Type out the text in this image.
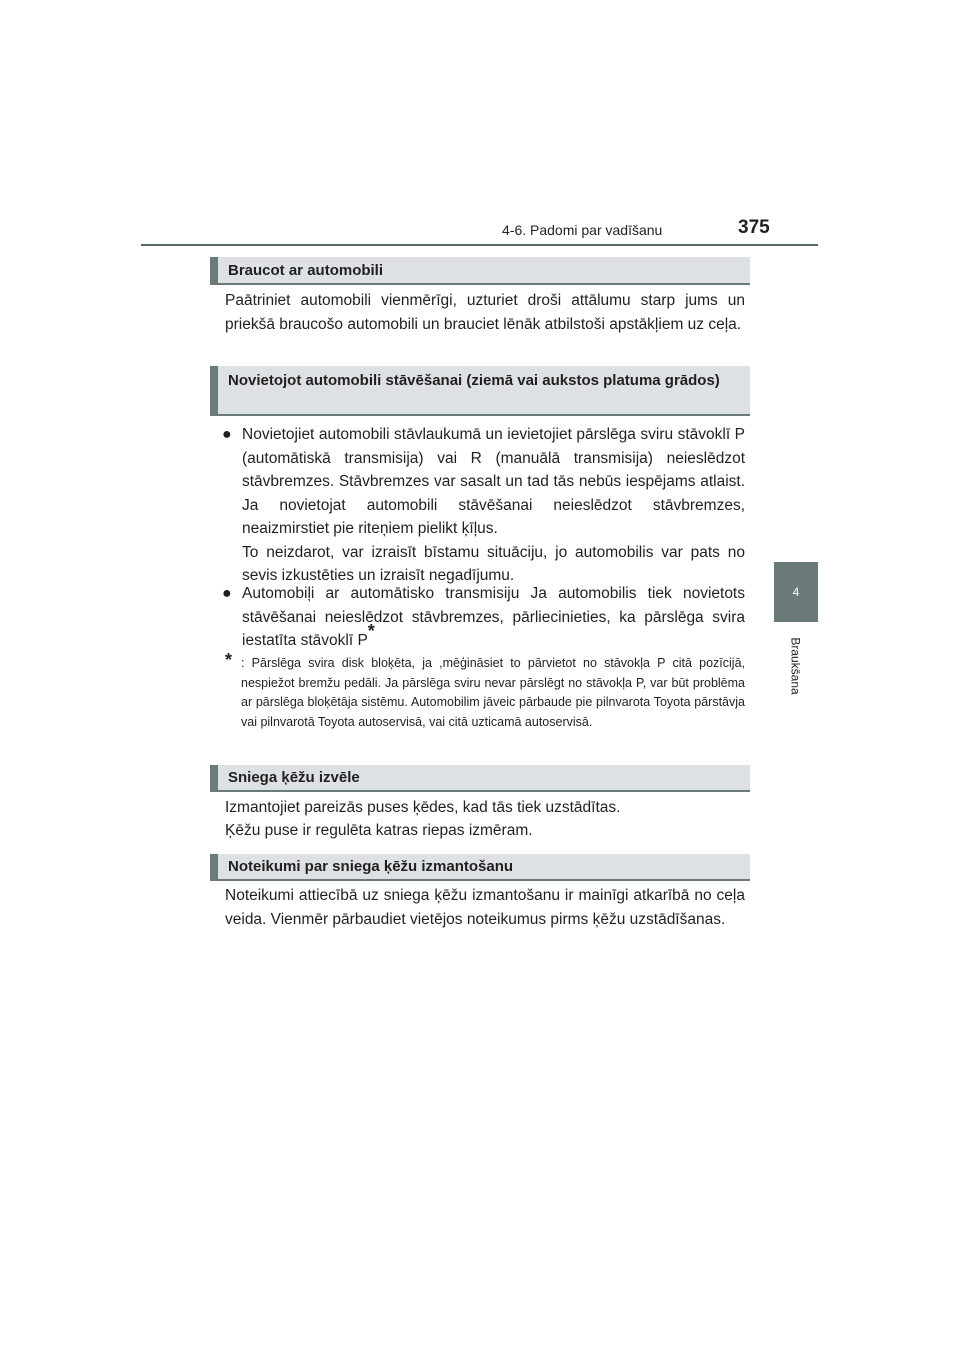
4-6. Padomi par vadīšanu	375
4
Braukšana
Braucot ar automobili

Paātriniet automobili vienmērīgi, uzturiet droši attālumu starp jums un priekšā braucošo automobili un brauciet lēnāk atbilstoši apstākļiem uz ceļa.

Novietojot automobili stāvēšanai (ziemā vai aukstos platuma grādos)
● Novietojiet automobili stāvlaukumā un ievietojiet pārslēga sviru stāvoklī P (automātiskā transmisija) vai R (manuālā transmisija) neieslēdzot stāvbremzes. Stāvbremzes var sasalt un tad tās nebūs iespējams atlaist. Ja novietojat automobili stāvēšanai neieslēdzot stāvbremzes, neaizmirstiet pie riteņiem pielikt ķīļus.
To neizdarot, var izraisīt bīstamu situāciju, jo automobilis var pats no sevis izkustēties un izraisīt negadījumu.
● Automobiļi ar automātisko transmisiju Ja automobilis tiek novietots stāvēšanai neieslēdzot stāvbremzes, pārliecinieties, ka pārslēga svira iestatīta stāvoklī P*
* : Pārslēga svira disk bloķēta, ja ,mēģināsiet to pārvietot no stāvokļa P citā pozīcijā, nespiežot bremžu pedāli. Ja pārslēga sviru nevar pārslēgt no stāvokļa P, var būt problēma ar pārslēga bloķētāja sistēmu. Automobilim jāveic pārbaude pie pilnvarota Toyota pārstāvja vai pilnvarotā Toyota autoservisā, vai citā uzticamā autoservisā.
Sniega ķēžu izvēle

Izmantojiet pareizās puses ķēdes, kad tās tiek uzstādītas.

Ķēžu puse ir regulēta katras riepas izmēram.

Noteikumi par sniega ķēžu izmantošanu

Noteikumi attiecībā uz sniega ķēžu izmantošanu ir mainīgi atkarībā no ceļa veida. Vienmēr pārbaudiet vietējos noteikumus pirms ķēžu uzstādīšanas.
